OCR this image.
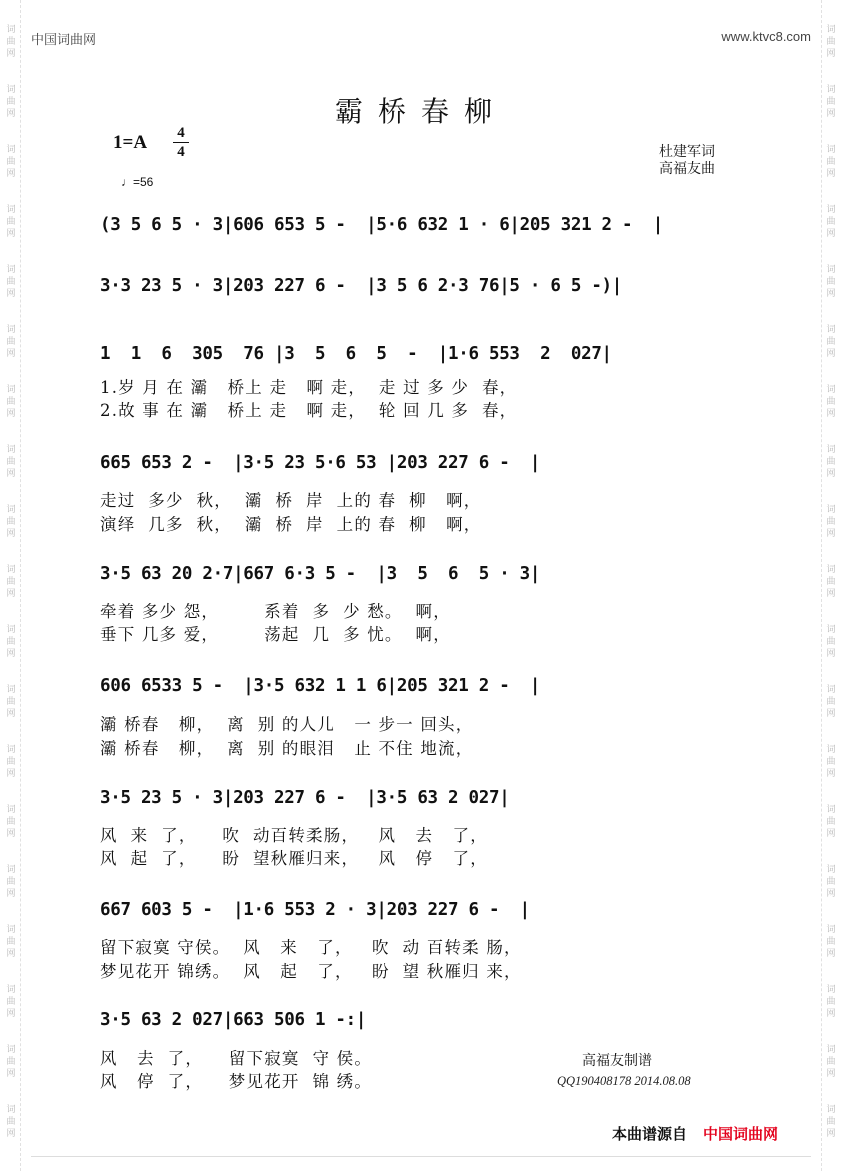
词
曲
网
词
曲
网
词
曲
网
词
曲
网
词
曲
网
词
曲
网
词
曲
网
词
曲
网
词
曲
网
词
曲
网
词
曲
网
词
曲
网
词
曲
网
词
曲
网
词
曲
网
词
曲
网
词
曲
网
词
曲
网
词
曲
网
词
曲
网
词
曲
网
词
曲
网
词
曲
网
词
曲
网
词
曲
网
词
曲
网
词
曲
网
词
曲
网
词
曲
网
词
曲
网
词
曲
网
词
曲
网
词
曲
网
词
曲
网
词
曲
网
词
曲
网
词
曲
网
词
曲
网
中国词曲网	www.ktvc8.com
霸桥春柳
1=A	4
4
♩=56
杜建军词
高福友曲
(3 5 6 5 · 3|606 653 5 -  |5·6 632 1 · 6|205 321 2 -  |
3·3 23 5 · 3|203 227 6 -  |3 5 6 2·3 76|5 · 6 5 -)|
1  1  6  305  76 |3  5  6  5  -  |1·6 553  2  027|
1.岁 月 在 灞   桥上 走   啊 走，  走 过 多 少  春，
2.故 事 在 灞   桥上 走   啊 走，  轮 回 几 多  春，
665 653 2 -  |3·5 23 5·6 53 |203 227 6 -  |
走过  多少  秋，  灞  桥  岸  上的 春  柳   啊，
演绎  几多  秋，  灞  桥  岸  上的 春  柳   啊，
3·5 63 20 2·7|667 6·3 5 -  |3  5  6  5 · 3|
牵着 多少 怨，       系着  多  少 愁。  啊，
垂下 几多 爱，       荡起  几  多 忧。  啊，
606 6533 5 -  |3·5 632 1 1 6|205 321 2 -  |
灞 桥春   柳，  离  别 的人儿   一 步一 回头，
灞 桥春   柳，  离  别 的眼泪   止 不住 地流，
3·5 23 5 · 3|203 227 6 -  |3·5 63 2 027|
风  来  了，    吹  动百转柔肠，   风   去   了，
风  起  了，    盼  望秋雁归来，   风   停   了，
667 603 5 -  |1·6 553 2 · 3|203 227 6 -  |
留下寂寞 守侯。  风   来   了，   吹  动 百转柔 肠，
梦见花开 锦绣。  风   起   了，   盼  望 秋雁归 来，
3·5 63 2 027|663 506 1 -:|
风   去  了，    留下寂寞  守 侯。
风   停  了，    梦见花开  锦 绣。
高福友制谱
QQ190408178 2014.08.08
本曲谱源自 中国词曲网
